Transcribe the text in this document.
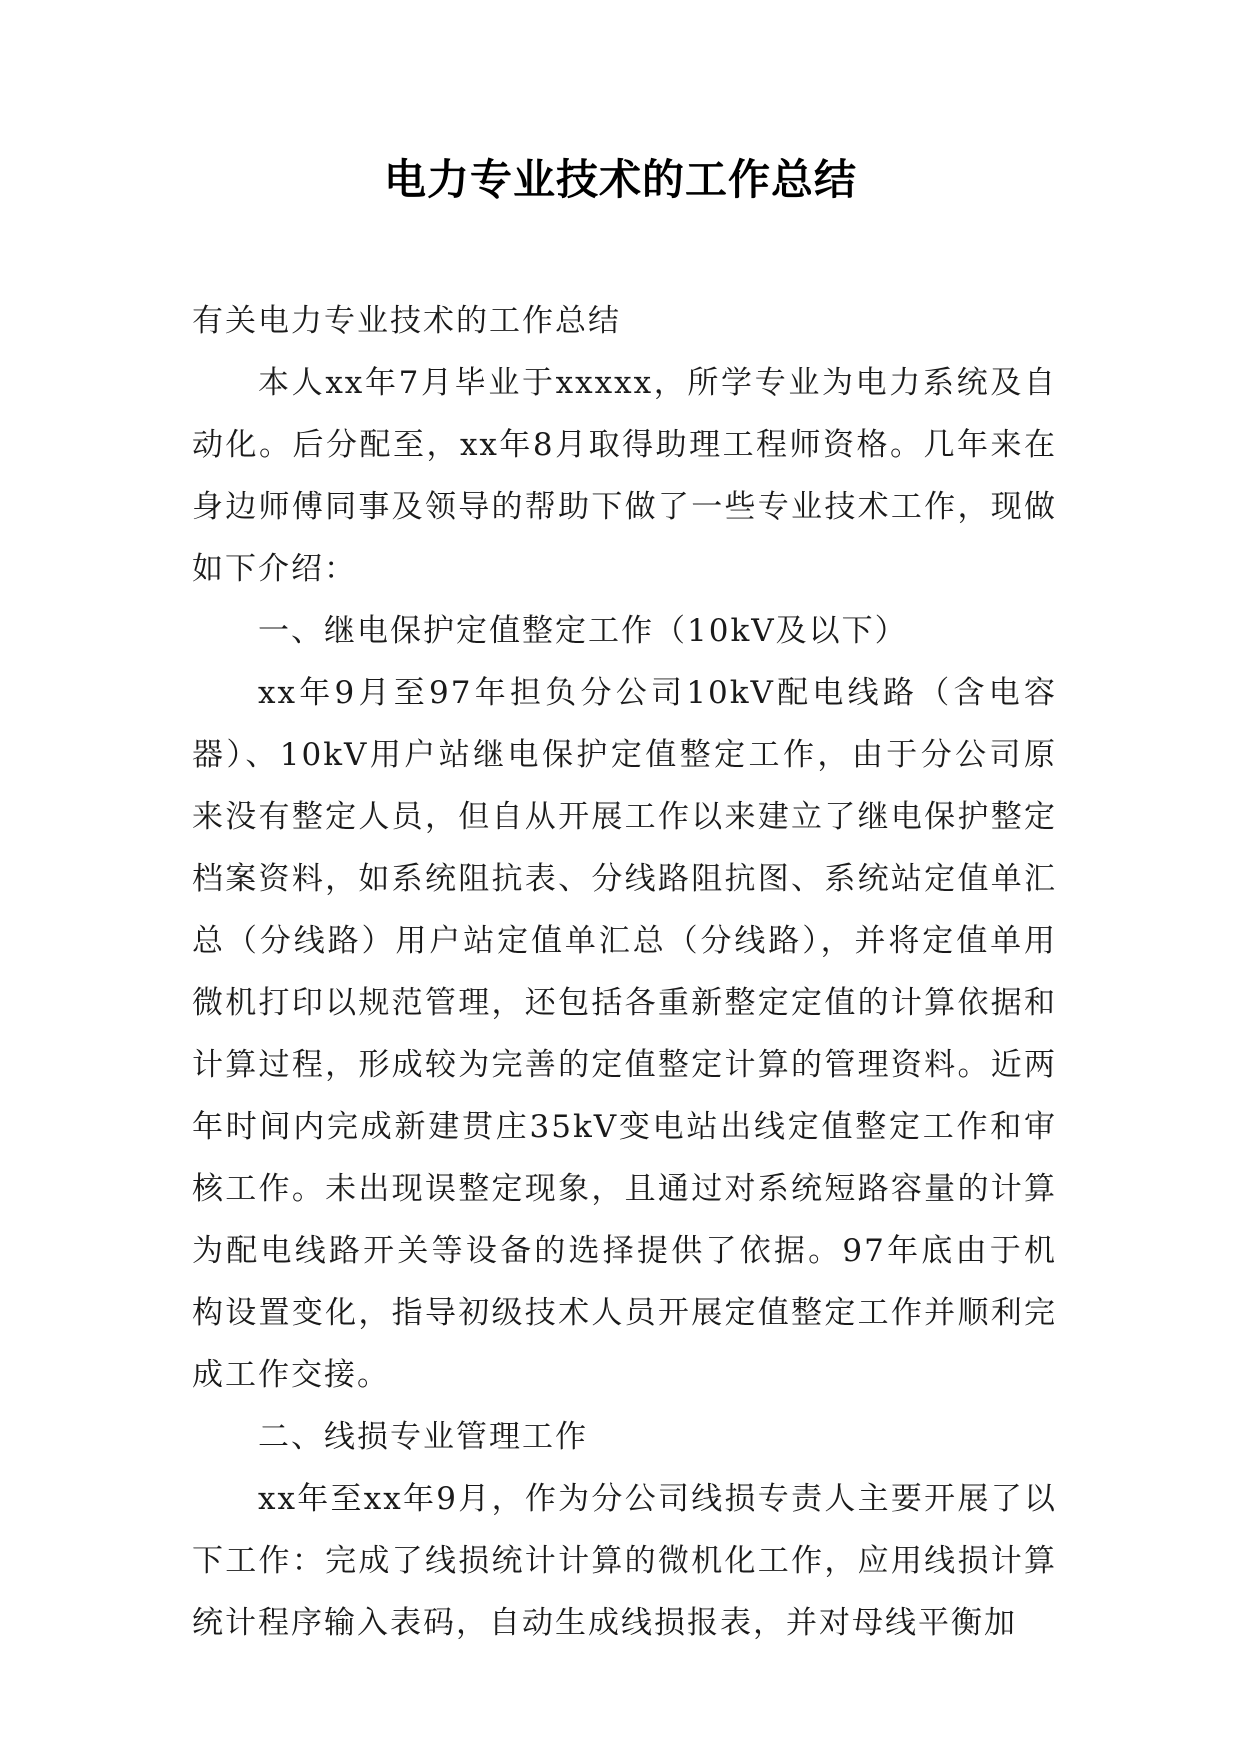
电力专业技术的工作总结

有关电力专业技术的工作总结

本人xx年7月毕业于xxxxx，所学专业为电力系统及自动化。后分配至，xx年8月取得助理工程师资格。几年来在身边师傅同事及领导的帮助下做了一些专业技术工作，现做如下介绍：

一、继电保护定值整定工作（10kV及以下）

xx年9月至97年担负分公司10kV配电线路（含电容器）、10kV用户站继电保护定值整定工作，由于分公司原来没有整定人员，但自从开展工作以来建立了继电保护整定档案资料，如系统阻抗表、分线路阻抗图、系统站定值单汇总（分线路）用户站定值单汇总（分线路），并将定值单用微机打印以规范管理，还包括各重新整定定值的计算依据和计算过程，形成较为完善的定值整定计算的管理资料。近两年时间内完成新建贯庄35kV变电站出线定值整定工作和审核工作。未出现误整定现象，且通过对系统短路容量的计算为配电线路开关等设备的选择提供了依据。97年底由于机构设置变化，指导初级技术人员开展定值整定工作并顺利完成工作交接。

二、线损专业管理工作

xx年至xx年9月，作为分公司线损专责人主要开展了以下工作：完成了线损统计计算的微机化工作，应用线损计算统计程序输入表码，自动生成线损报表，并对母线平衡加
